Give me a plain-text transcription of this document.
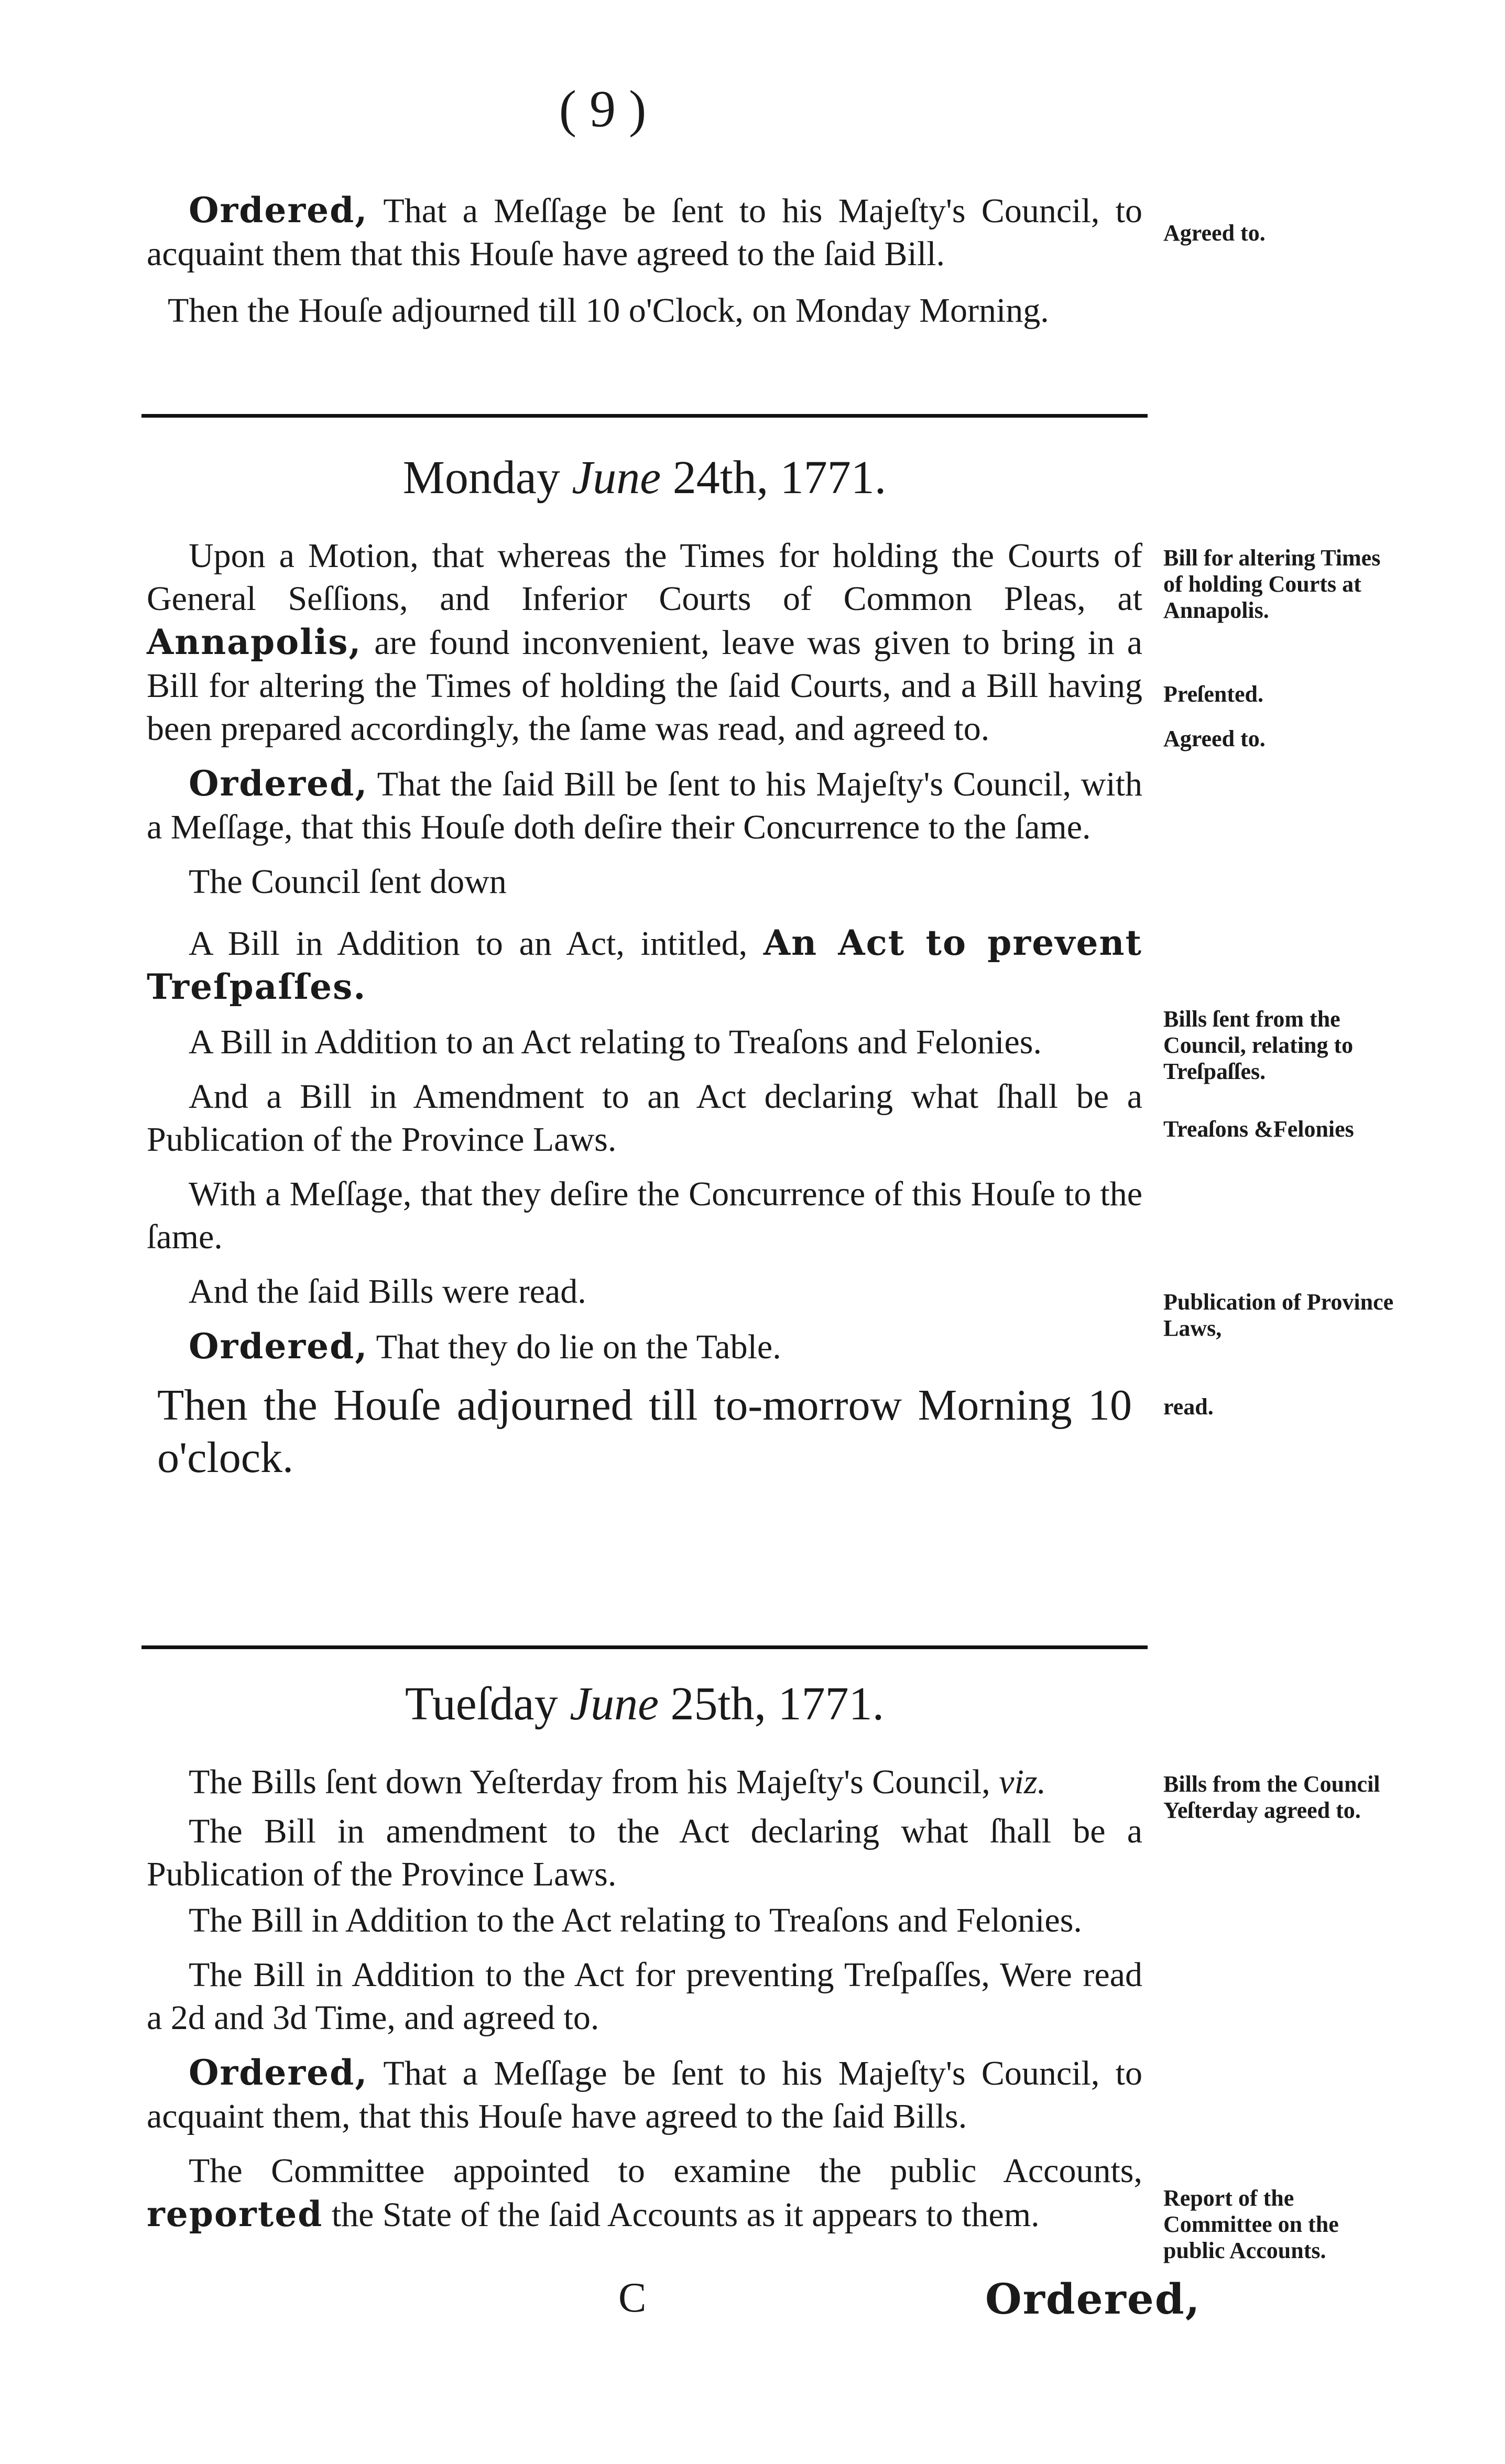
( 9 )

Ordered, That a Meſſage be ſent to his Majeſty's Council, to acquaint them that this Houſe have agreed to the ſaid Bill.

Then the Houſe adjourned till 10 o'Clock, on Monday Morning.

Agreed to.
Monday June 24th, 1771.

Upon a Motion, that whereas the Times for holding the Courts of General Seſſions, and Inferior Courts of Common Pleas, at Annapolis, are found inconvenient, leave was given to bring in a Bill for altering the Times of holding the ſaid Courts, and a Bill having been prepared accordingly, the ſame was read, and agreed to.

Ordered, That the ſaid Bill be ſent to his Majeſty's Council, with a Meſſage, that this Houſe doth deſire their Concurrence to the ſame.

The Council ſent down

A Bill in Addition to an Act, intitled, An Act to prevent Treſpaſſes.

A Bill in Addition to an Act relating to Treaſons and Felonies.

And a Bill in Amendment to an Act declaring what ſhall be a Publication of the Province Laws.

With a Meſſage, that they deſire the Concurrence of this Houſe to the ſame.

And the ſaid Bills were read.

Ordered, That they do lie on the Table.

Then the Houſe adjourned till to-morrow Morning 10 o'clock.

Bill for altering Times of holding Courts at Annapolis.
Preſented.
Agreed to.
Bills ſent from the Council, relating to Treſpaſſes.
Treaſons &Felonies
Publication of Province Laws,
read.
Tueſday June 25th, 1771.

The Bills ſent down Yeſterday from his Majeſty's Council, viz.

The Bill in amendment to the Act declaring what ſhall be a Publication of the Province Laws.

The Bill in Addition to the Act relating to Treaſons and Felonies.

The Bill in Addition to the Act for preventing Treſpaſſes, Were read a 2d and 3d Time, and agreed to.

Ordered, That a Meſſage be ſent to his Majeſty's Council, to acquaint them, that this Houſe have agreed to the ſaid Bills.

The Committee appointed to examine the public Accounts, reported the State of the ſaid Accounts as it appears to them.

Bills from the Council Yeſterday agreed to.
Report of the Committee on the public Accounts.
C	Ordered,
